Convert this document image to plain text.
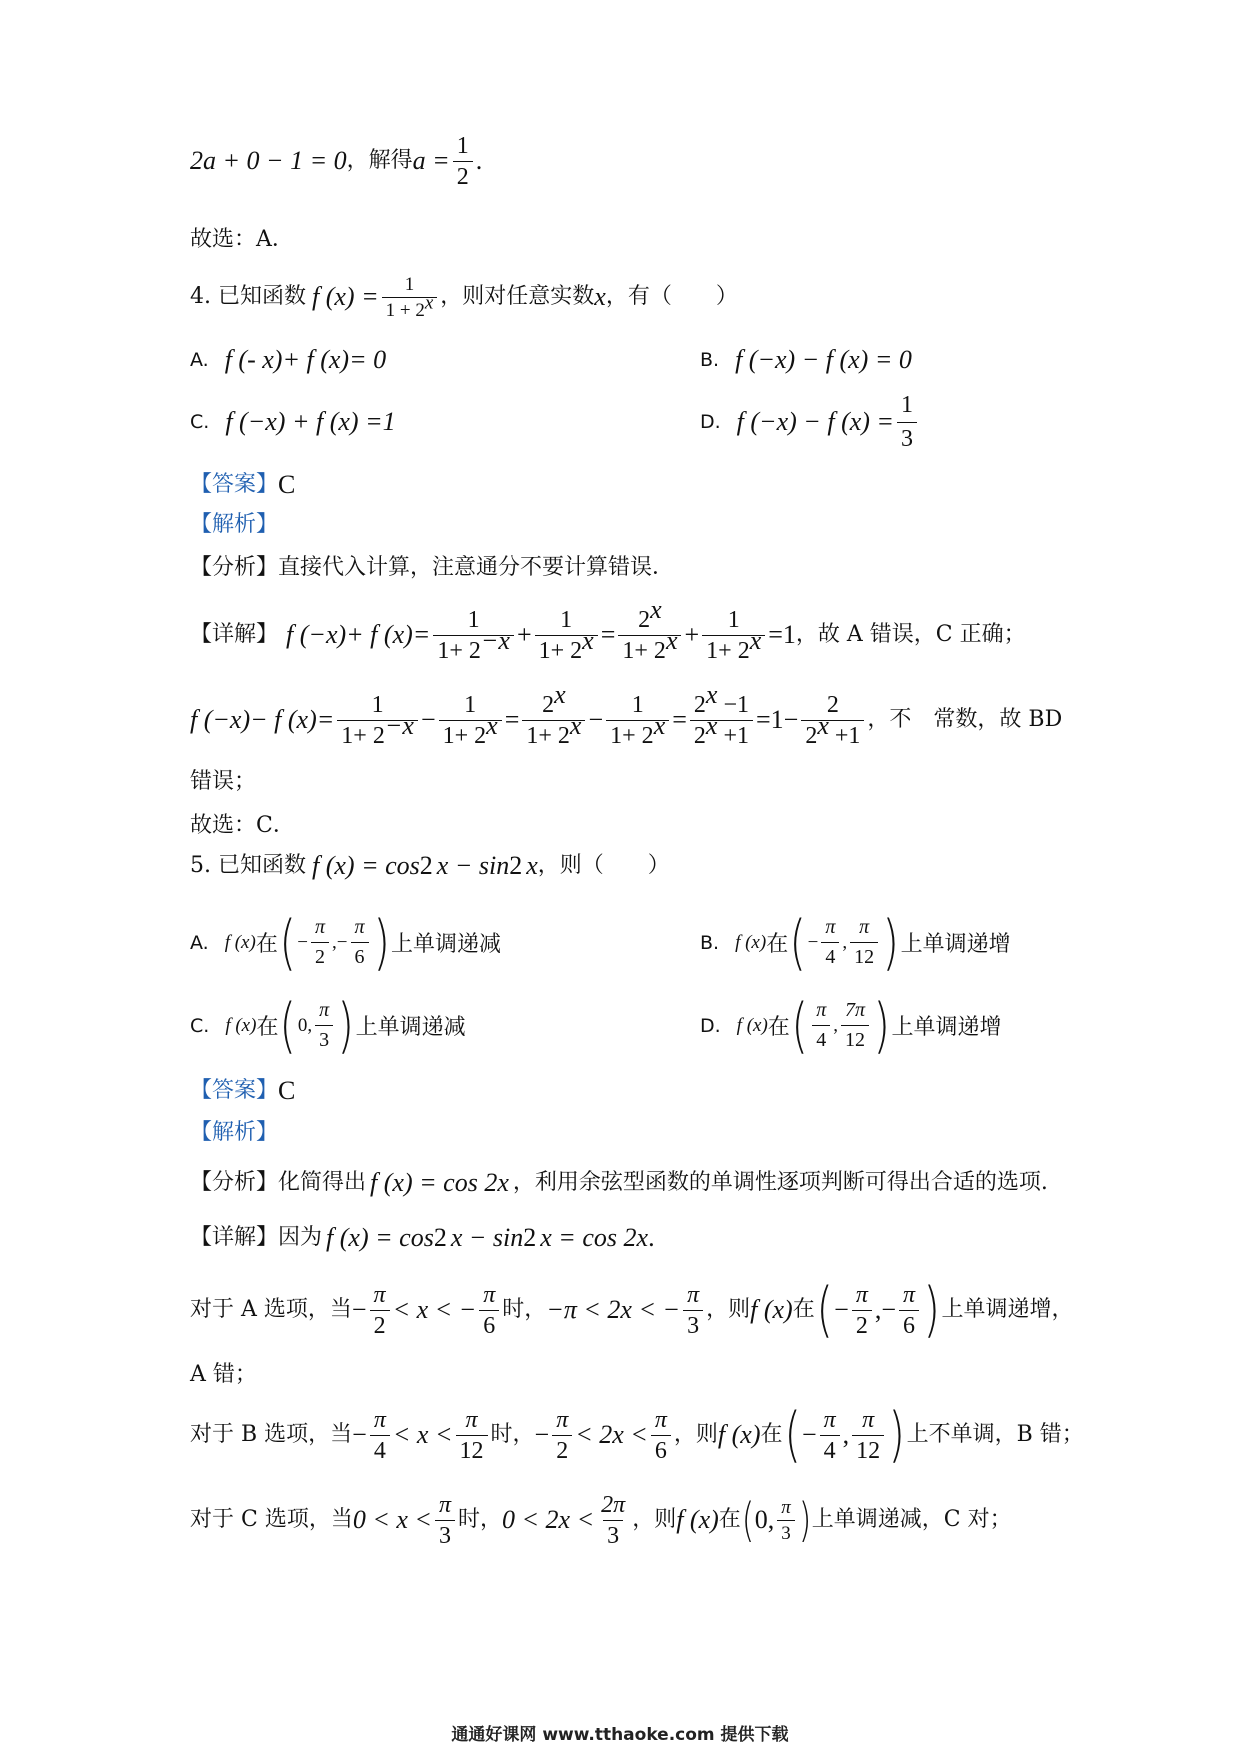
2a + 0 − 1 = 0 ，解得 $a = \frac{1}{2}$ .
故选：A．
4. 已知函数 f $(x) = \frac{1}{1 + 2^x}$ ，则对任意实数 x ，有（　　）
A. f (- x)+ f (x)= 0	B. f (−x) − f (x) = 0
C. f (−x) + f (x) =1	D. f (−x) − f $(x) = \frac{1}{3}$
【答案】 C
【解析】
【分析】 直接代入计算，注意通分不要计算错误．
【详解】 f (−x)+ f $(x)= \frac{1}{1+ 2^{-x}} + \frac{1}{1+ 2^x} = \frac{2^x}{1+ 2^x} + \frac{1}{1+ 2^x} =1$ ，故 A 错误，C 正确；
f (−x)− f $(x)= \frac{1}{1+ 2^{-x}} - \frac{1}{1+ 2^x} = \frac{2^x}{1+ 2^x} - \frac{1}{1+ 2^x} = \frac{2^x -1}{2^x +1} =1- \frac{2}{2^x +1}$ ，不　常数，故 BD
错误；
故选：C．
5. 已知函数 f (x) = cos 2 x − sin 2 x ，则（　　）
A. f (x) 在 ( − $\frac{\pi}{2}$ ,− $\frac{\pi}{6}$ ) 上单调递减	B. f (x) 在 ( − $\frac{\pi}{4}$ , $\frac{\pi}{12}$ ) 上单调递增
C. f (x) 在 ( 0, $\frac{\pi}{3}$ ) 上单调递减	D. f (x) 在 ( $\frac{\pi}{4}$ , $\frac{7\pi}{12}$ ) 上单调递增
【答案】 C
【解析】
【分析】 化简得出 f (x) = cos 2x ，利用余弦型函数的单调性逐项判断可得出合适的选项.
【详解】 因为 f (x) = cos 2 x − sin 2 x = cos 2x .
对于 A 选项，当 − $\frac{\pi}{2} < x$ < − $\frac{\pi}{6}$ 时， −π < 2x < − $\frac{\pi}{3}$ ，则 f (x) 在 ( − $\frac{\pi}{2}$ ,− $\frac{\pi}{6}$ ) 上单调递增，
A 错；
对于 B 选项，当 − $\frac{\pi}{4} < x < \frac{\pi}{12}$ 时， − $\frac{\pi}{2} < 2x < \frac{\pi}{6}$ ，则 f (x) 在 ( − $\frac{\pi}{4}$ , $\frac{\pi}{12}$ ) 上不单调，B 错；
对于 C 选项，当 $0 < x < \frac{\pi}{3}$ 时， $0 < 2x < \frac{2\pi}{3}$ ，则 f (x) 在 ( 0, $\frac{\pi}{3}$ ) 上单调递减，C 对；
通通好课网 www.tthaoke.com 提供下载
